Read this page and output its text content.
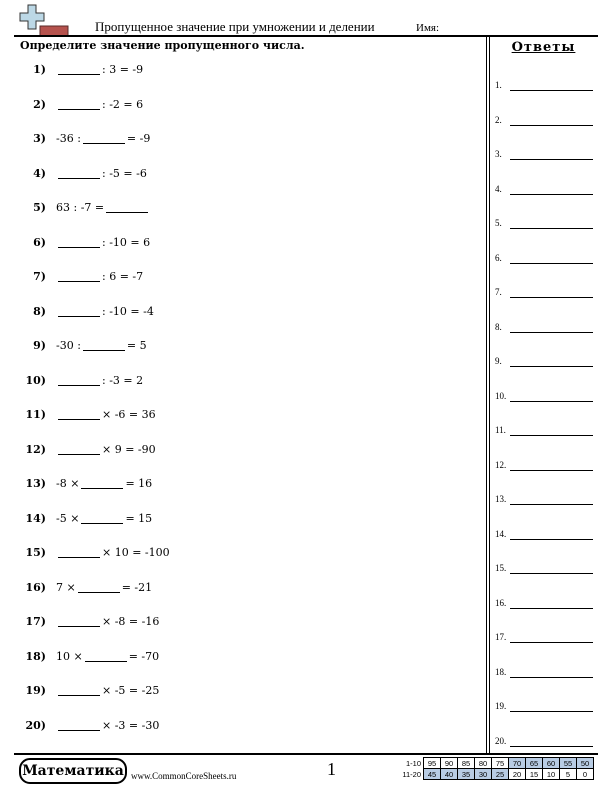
Пропущенное значение при умножении и делении	Имя:
Определите значение пропущенного числа.
1)	: 3 = -9
2)	: -2 = 6
3) -36 :	= -9
4)	: -5 = -6
5) 63 : -7 =
6)	: -10 = 6
7)	: 6 = -7
8)	: -10 = -4
9) -30 :	= 5
10)	: -3 = 2
11)	× -6 = 36
12)	× 9 = -90
13) -8 ×	= 16
14) -5 ×	= 15
15)	× 10 = -100
16) 7 ×	= -21
17)	× -8 = -16
18) 10 ×	= -70
19)	× -5 = -25
20)	× -3 = -30
Ответы
1.
2.
3.
4.
5.
6.
7.
8.
9.
10.
11.
12.
13.
14.
15.
16.
17.
18.
19.
20.
Математика www.CommonCoreSheets.ru	1	1-10	95	90	85	80	75	70	65	60	55	50
11-20	45	40	35	30	25	20	15	10	5	0
